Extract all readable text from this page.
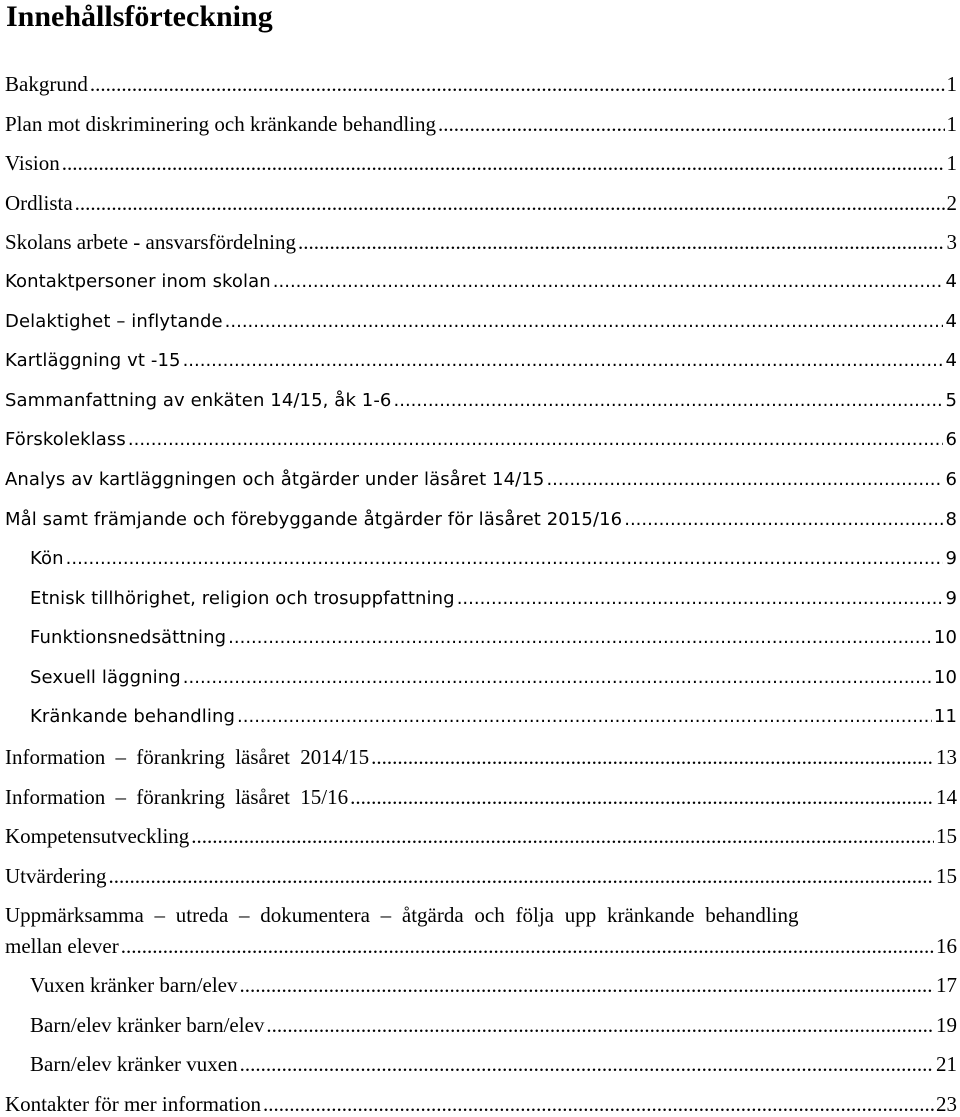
Innehållsförteckning
Bakgrund .....	1
Plan mot diskriminering och kränkande behandling .....	1
Vision .....	1
Ordlista .....	2
Skolans arbete - ansvarsfördelning .....	3
Kontaktpersoner inom skolan .....	4
Delaktighet – inflytande .....	4
Kartläggning vt -15 .....	4
Sammanfattning av enkäten 14/15, åk 1-6 .....	5
Förskoleklass .....	6
Analys av kartläggningen och åtgärder under läsåret 14/15 .....	6
Mål samt främjande och förebyggande åtgärder för läsåret 2015/16 .....	8
Kön .....	9
Etnisk tillhörighet, religion och trosuppfattning .....	9
Funktionsnedsättning .....	10
Sexuell läggning .....	10
Kränkande behandling .....	11
Information – förankring läsåret 2014/15 .....	13
Information – förankring läsåret 15/16 .....	14
Kompetensutveckling .....	15
Utvärdering .....	15
Uppmärksamma – utreda – dokumentera – åtgärda och följa upp kränkande behandling
mellan elever .....	16
Vuxen kränker barn/elev .....	17
Barn/elev kränker barn/elev .....	19
Barn/elev kränker vuxen .....	21
Kontakter för mer information .....	23
